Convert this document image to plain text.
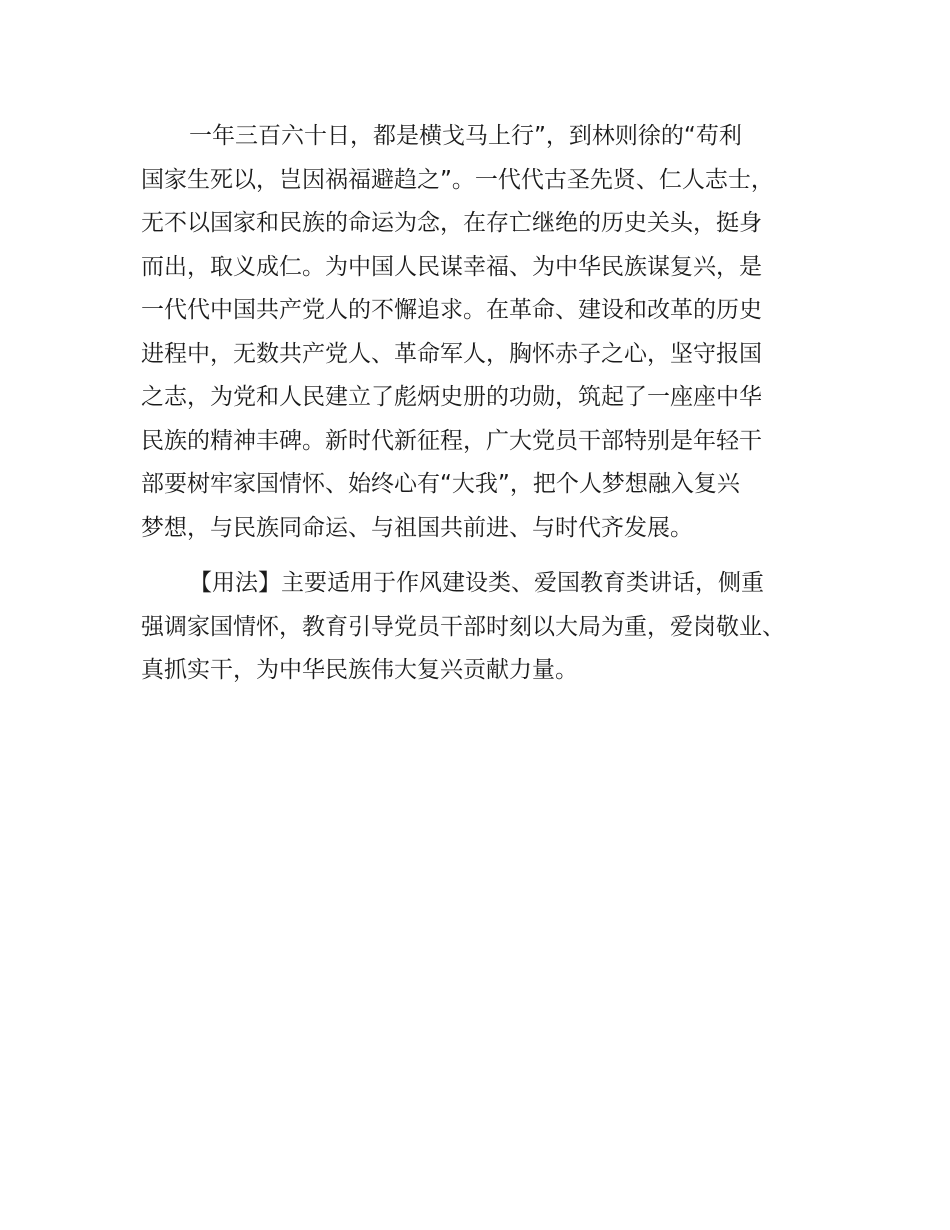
一年三百六十日，都是横戈马上行”，到林则徐的“苟利
国家生死以，岂因祸福避趋之”。一代代古圣先贤、仁人志士，
无不以国家和民族的命运为念，在存亡继绝的历史关头，挺身
而出，取义成仁。为中国人民谋幸福、为中华民族谋复兴，是
一代代中国共产党人的不懈追求。在革命、建设和改革的历史
进程中，无数共产党人、革命军人，胸怀赤子之心，坚守报国
之志，为党和人民建立了彪炳史册的功勋，筑起了一座座中华
民族的精神丰碑。新时代新征程，广大党员干部特别是年轻干
部要树牢家国情怀、始终心有“大我”，把个人梦想融入复兴
梦想，与民族同命运、与祖国共前进、与时代齐发展。

【用法】主要适用于作风建设类、爱国教育类讲话，侧重
强调家国情怀，教育引导党员干部时刻以大局为重，爱岗敬业、
真抓实干，为中华民族伟大复兴贡献力量。
